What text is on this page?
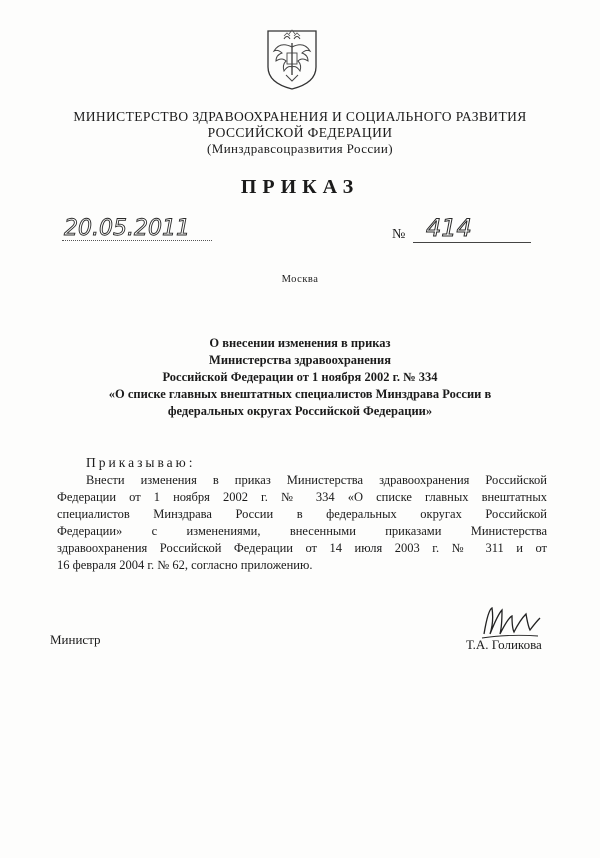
МИНИСТЕРСТВО ЗДРАВООХРАНЕНИЯ И СОЦИАЛЬНОГО РАЗВИТИЯ
РОССИЙСКОЙ ФЕДЕРАЦИИ
(Минздравсоцразвития России)
ПРИКАЗ
20.05.2011	№ 414
Москва
О внесении изменения в приказ
Министерства здравоохранения
Российской Федерации от 1 ноября 2002 г. № 334
«О списке главных внештатных специалистов Минздрава России в
федеральных округах Российской Федерации»
Приказываю:
Внести изменения в приказ Министерства здравоохранения Российской
Федерации от 1 ноября 2002 г. № 334 «О списке главных внештатных
специалистов Минздрава России в федеральных округах Российской
Федерации» с изменениями, внесенными приказами Министерства
здравоохранения Российской Федерации от 14 июля 2003 г. № 311 и от
16 февраля 2004 г. № 62, согласно приложению.
Министр	Т.А. Голикова
